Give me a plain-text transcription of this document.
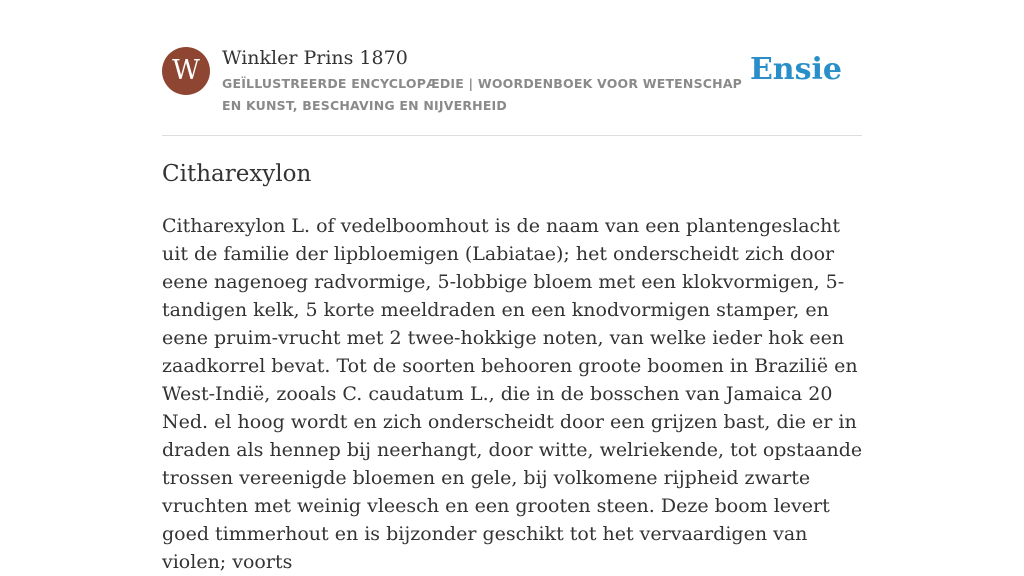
W	Winkler Prins 1870
GEÏLLUSTREERDE ENCYCLOPÆDIE | WOORDENBOEK VOOR WETENSCHAP EN KUNST, BESCHAVING EN NIJVERHEID
Ensie
Citharexylon

Citharexylon L. of vedelboomhout is de naam van een plantengeslacht uit de familie der lipbloemigen (Labiatae); het onderscheidt zich door eene nagenoeg radvormige, 5-lobbige bloem met een klokvormigen, 5-tandigen kelk, 5 korte meeldraden en een knodvormigen stamper, en eene pruim-vrucht met 2 twee-hokkige noten, van welke ieder hok een zaadkorrel bevat. Tot de soorten behooren groote boomen in Brazilië en West-Indië, zooals C. caudatum L., die in de bosschen van Jamaica 20 Ned. el hoog wordt en zich onderscheidt door een grijzen bast, die er in draden als hennep bij neerhangt, door witte, welriekende, tot opstaande trossen vereenigde bloemen en gele, bij volkomene rijpheid zwarte vruchten met weinig vleesch en een grooten steen. Deze boom levert goed timmerhout en is bijzonder geschikt tot het vervaardigen van violen; voorts
